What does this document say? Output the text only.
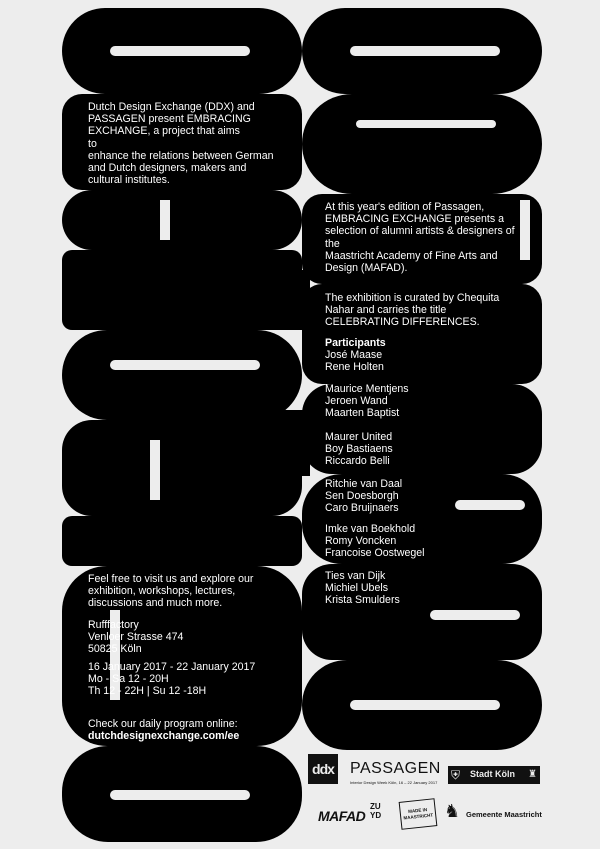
Dutch Design Exchange (DDX) and
PASSAGEN present EMBRACING
EXCHANGE, a project that aims
to
enhance the relations between German
and Dutch designers, makers and
cultural institutes.
At this year's edition of Passagen,
EMBRACING EXCHANGE presents a
selection of alumni artists & designers of
the
Maastricht Academy of Fine Arts and
Design (MAFAD).
The exhibition is curated by Chequita
Nahar and carries the title
CELEBRATING DIFFERENCES.
Participants
José Maase
Rene Holten
Maurice Mentjens
Jeroen Wand
Maarten Baptist
Maurer United
Boy Bastiaens
Riccardo Belli
Ritchie van Daal
Sen Doesborgh
Caro Bruijnaers
Imke van Boekhold
Romy Voncken
Francoise Oostwegel
Ties van Dijk
Michiel Ubels
Krista Smulders
Feel free to visit us and explore our
exhibition, workshops, lectures,
discussions and much more.
Rufffactory
Venloer Strasse 474
50825 Köln
16 January 2017 - 22 January 2017
Mo - Sa 12 - 20H
Th 12 - 22H | Su 12 -18H
Check our daily program online:
dutchdesignexchange.com/ee
ddx PASSAGEN
Interior Design Week Köln, 16 – 22 January 2017
⛨ Stadt Köln ♜
MAFAD
ZU
YD
MADE IN
MAASTRICHT ♞ Gemeente Maastricht
